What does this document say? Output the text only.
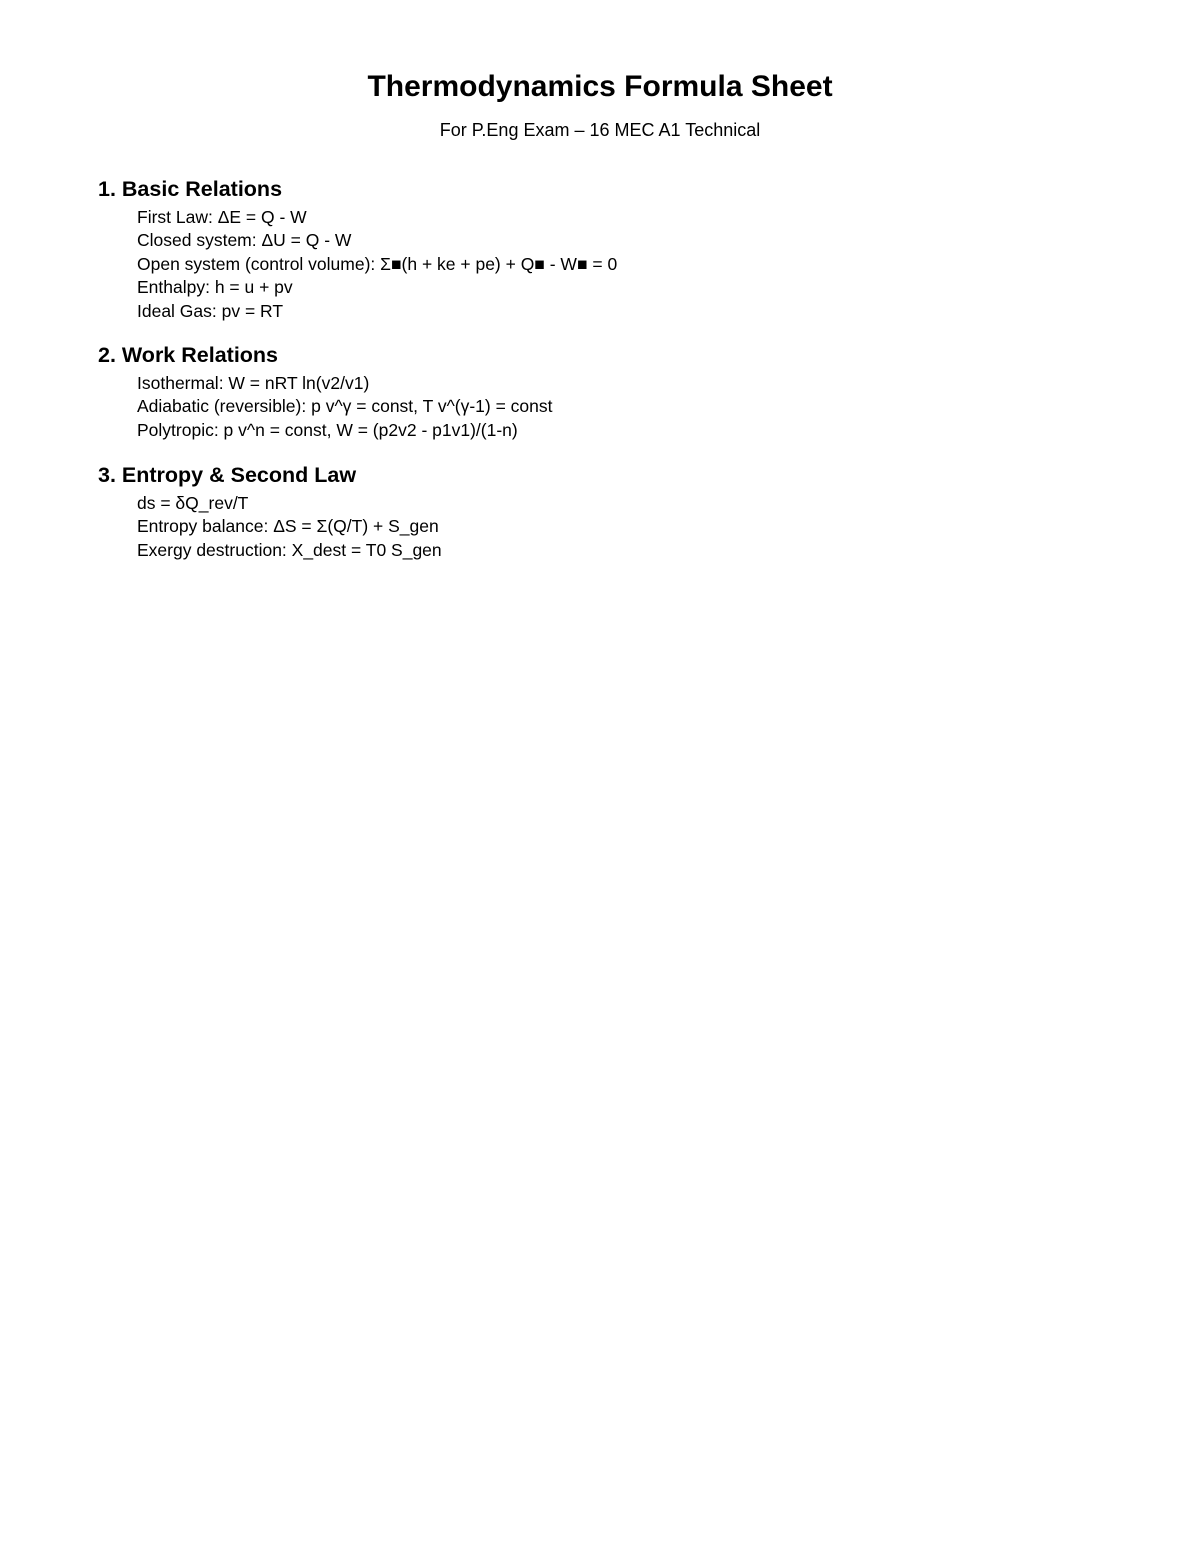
Thermodynamics Formula Sheet

For P.Eng Exam – 16 MEC A1 Technical

1. Basic Relations
First Law: ΔE = Q - W
Closed system: ΔU = Q - W
Open system (control volume): Σ■(h + ke + pe) + Q■ - W■ = 0
Enthalpy: h = u + pv
Ideal Gas: pv = RT
2. Work Relations
Isothermal: W = nRT ln(v2/v1)
Adiabatic (reversible): p v^γ = const, T v^(γ-1) = const
Polytropic: p v^n = const, W = (p2v2 - p1v1)/(1-n)
3. Entropy & Second Law
ds = δQ_rev/T
Entropy balance: ΔS = Σ(Q/T) + S_gen
Exergy destruction: X_dest = T0 S_gen
